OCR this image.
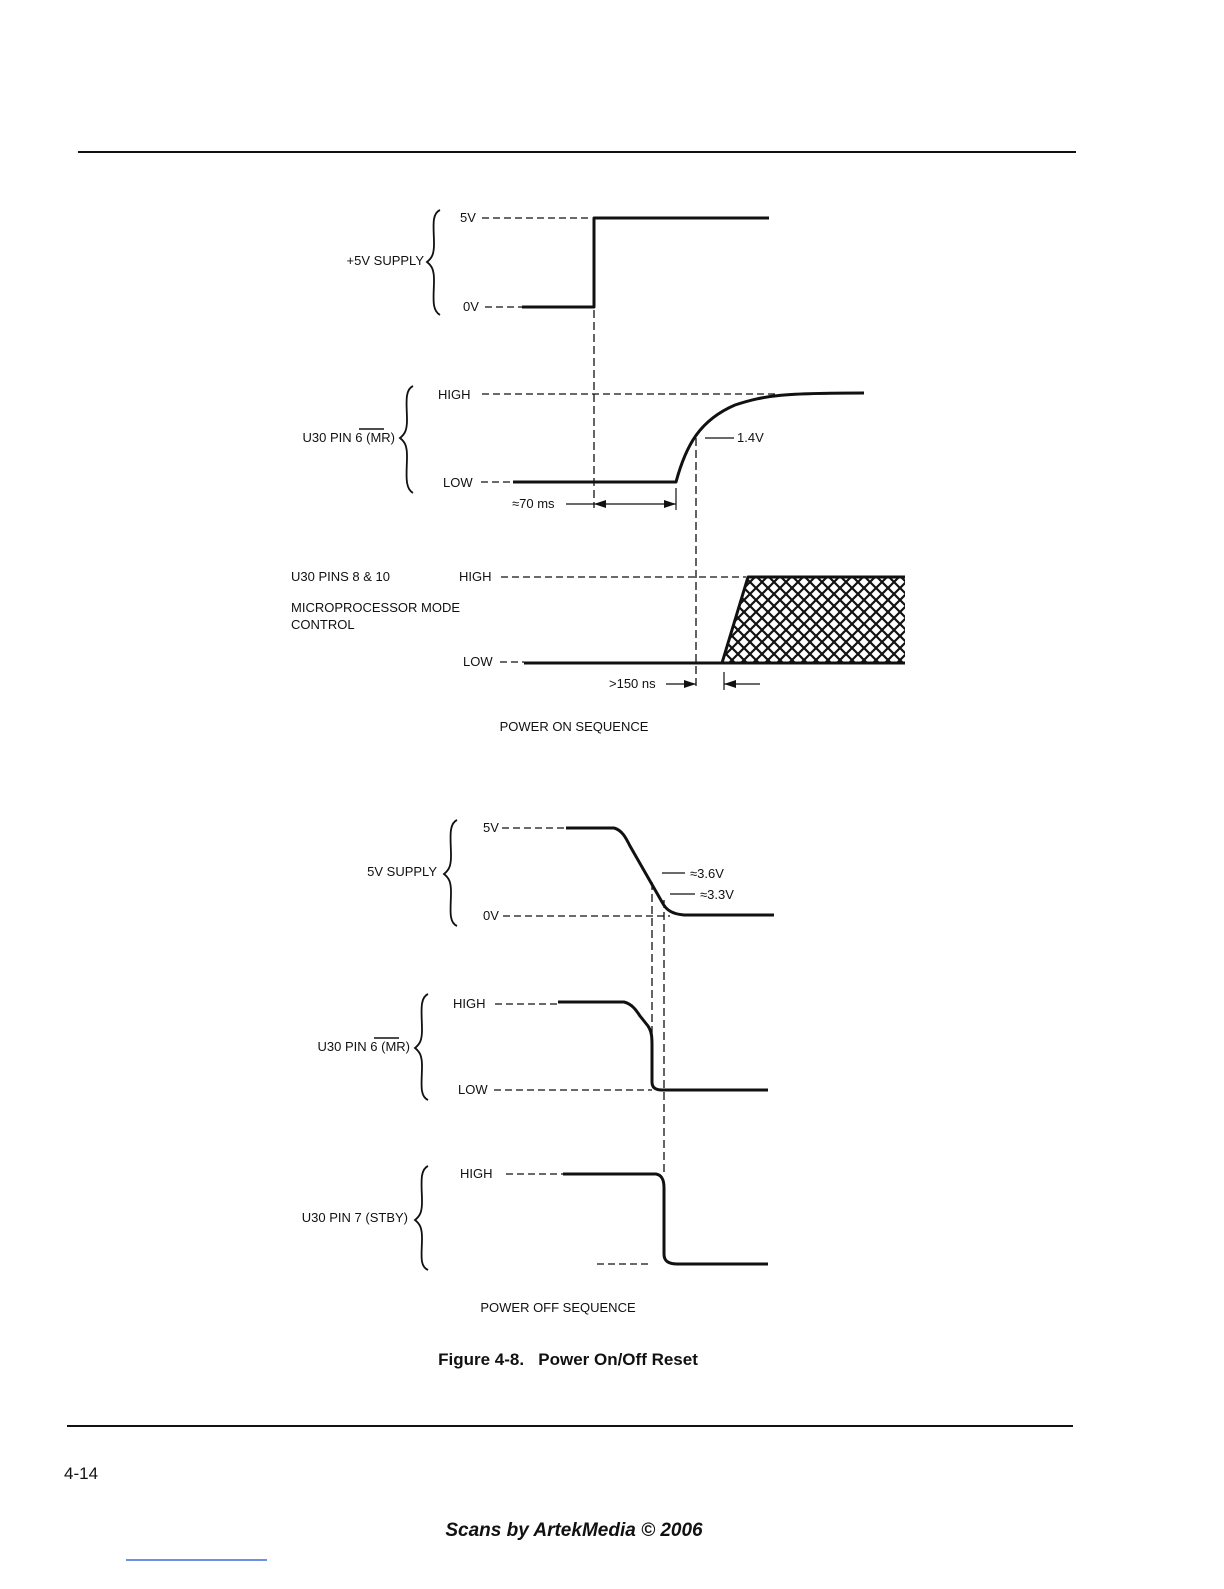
+5V SUPPLY
5V
0V
U30 PIN 6 (MR)
HIGH
LOW
1.4V
≈70 ms
U30 PINS 8 & 10
MICROPROCESSOR MODE
CONTROL
HIGH
LOW
>150 ns
POWER ON SEQUENCE
5V SUPPLY
5V
0V
≈3.6V
≈3.3V
U30 PIN 6 (MR)
HIGH
LOW
U30 PIN 7 (STBY)
HIGH
POWER OFF SEQUENCE
Figure 4-8.   Power On/Off Reset
4-14
Scans by ArtekMedia © 2006
